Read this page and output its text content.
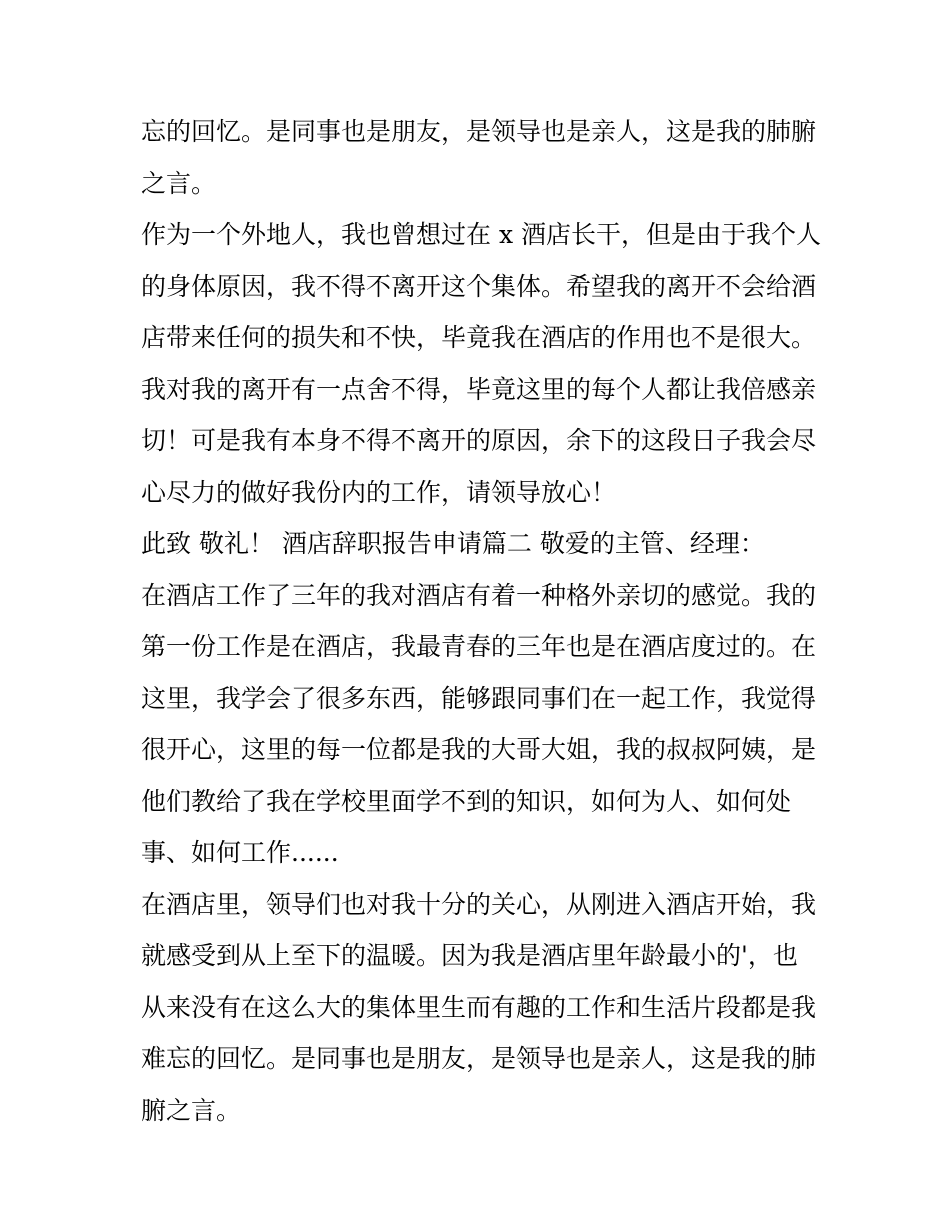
忘的回忆。是同事也是朋友，是领导也是亲人，这是我的肺腑
之言。
作为一个外地人，我也曾想过在 x 酒店长干，但是由于我个人
的身体原因，我不得不离开这个集体。希望我的离开不会给酒
店带来任何的损失和不快，毕竟我在酒店的作用也不是很大。
我对我的离开有一点舍不得，毕竟这里的每个人都让我倍感亲
切！可是我有本身不得不离开的原因，余下的这段日子我会尽
心尽力的做好我份内的工作，请领导放心！
此致 敬礼！ 酒店辞职报告申请篇二 敬爱的主管、经理：
在酒店工作了三年的我对酒店有着一种格外亲切的感觉。我的
第一份工作是在酒店，我最青春的三年也是在酒店度过的。在
这里，我学会了很多东西，能够跟同事们在一起工作，我觉得
很开心，这里的每一位都是我的大哥大姐，我的叔叔阿姨，是
他们教给了我在学校里面学不到的知识，如何为人、如何处
事、如何工作......
在酒店里，领导们也对我十分的关心，从刚进入酒店开始，我
就感受到从上至下的温暖。因为我是酒店里年龄最小的'，也
从来没有在这么大的集体里生而有趣的工作和生活片段都是我
难忘的回忆。是同事也是朋友，是领导也是亲人，这是我的肺
腑之言。
